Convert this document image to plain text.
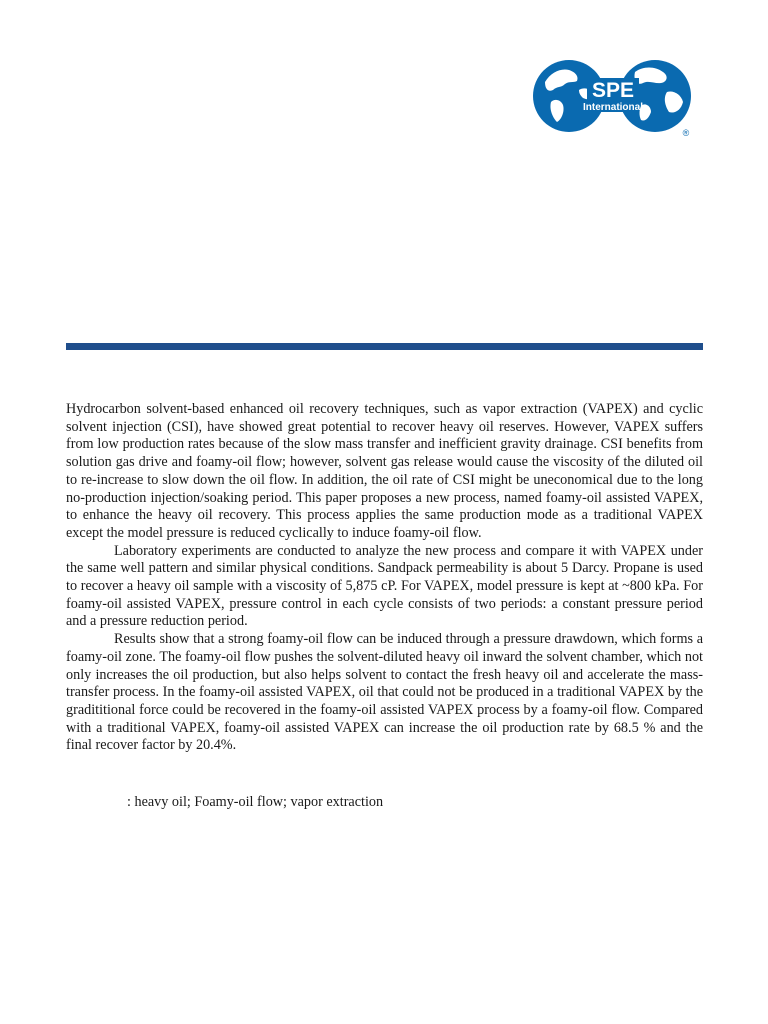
SPE
International
®

Hydrocarbon solvent-based enhanced oil recovery techniques, such as vapor extraction (VAPEX) and cyclic solvent injection (CSI), have showed great potential to recover heavy oil reserves. However, VAPEX suffers from low production rates because of the slow mass transfer and inefficient gravity drainage. CSI benefits from solution gas drive and foamy-oil flow; however, solvent gas release would cause the viscosity of the diluted oil to re-increase to slow down the oil flow. In addition, the oil rate of CSI might be uneconomical due to the long no-production injection/soaking period. This paper proposes a new process, named foamy-oil assisted VAPEX, to enhance the heavy oil recovery. This process applies the same production mode as a traditional VAPEX except the model pressure is reduced cyclically to induce foamy-oil flow.

Laboratory experiments are conducted to analyze the new process and compare it with VAPEX under the same well pattern and similar physical conditions. Sandpack permeability is about 5 Darcy. Propane is used to recover a heavy oil sample with a viscosity of 5,875 cP. For VAPEX, model pressure is kept at ~800 kPa. For foamy-oil assisted VAPEX, pressure control in each cycle consists of two periods: a constant pressure period and a pressure reduction period.

Results show that a strong foamy-oil flow can be induced through a pressure drawdown, which forms a foamy-oil zone. The foamy-oil flow pushes the solvent-diluted heavy oil inward the solvent chamber, which not only increases the oil production, but also helps solvent to contact the fresh heavy oil and accelerate the mass-transfer process. In the foamy-oil assisted VAPEX, oil that could not be produced in a traditional VAPEX by the gradititional force could be recovered in the foamy-oil assisted VAPEX process by a foamy-oil flow. Compared with a traditional VAPEX, foamy-oil assisted VAPEX can increase the oil production rate by 68.5 % and the final recover factor by 20.4%.

: heavy oil; Foamy-oil flow; vapor extraction
